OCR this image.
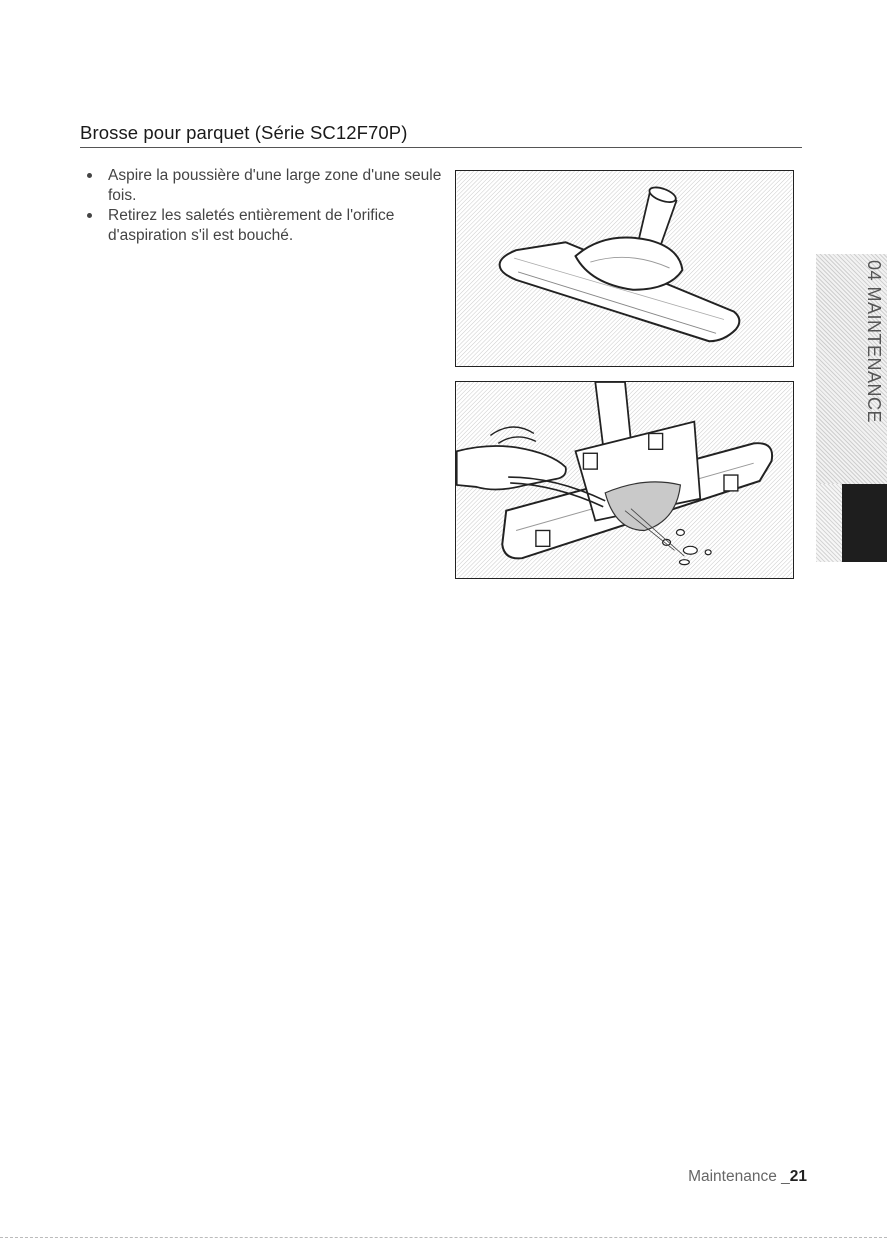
Brosse pour parquet (Série SC12F70P)
Aspire la poussière d'une large zone d'une seule fois.
Retirez les saletés entièrement de l'orifice d'aspiration s'il est bouché.
04 MAINTENANCE
Maintenance _21
